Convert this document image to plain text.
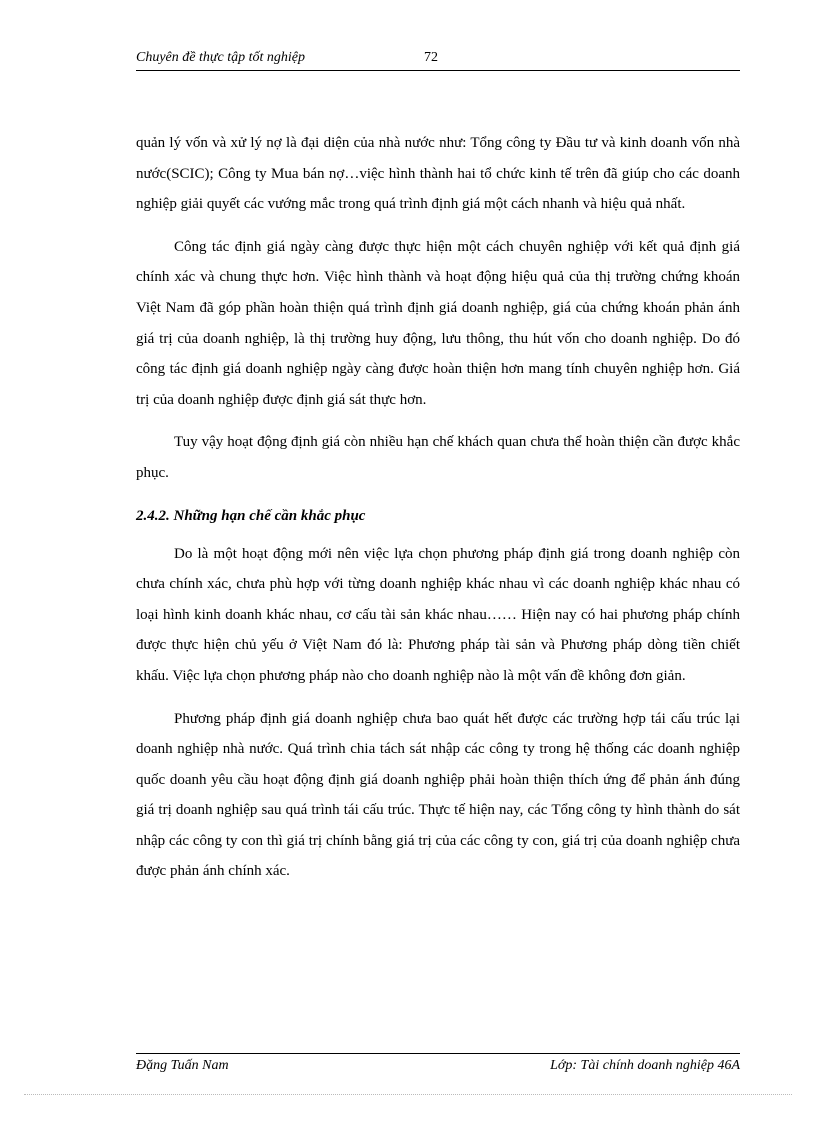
Chuyên đề thực tập tốt nghiệp	72

quản lý vốn và xử lý nợ là đại diện của nhà nước như: Tổng công ty Đầu tư và kinh doanh vốn nhà nước(SCIC); Công ty Mua bán nợ…việc hình thành hai tổ chức kinh tế trên đã giúp cho các doanh nghiệp giải quyết các vướng mắc trong quá trình định giá một cách nhanh và hiệu quả nhất.

Công tác định giá ngày càng được thực hiện một cách chuyên nghiệp với kết quả định giá chính xác và chung thực hơn. Việc hình thành và hoạt động hiệu quả của thị trường chứng khoán Việt Nam đã góp phần hoàn thiện quá trình định giá doanh nghiệp, giá của chứng khoán phản ánh giá trị của doanh nghiệp, là thị trường huy động, lưu thông, thu hút vốn cho doanh nghiệp. Do đó công tác định giá doanh nghiệp ngày càng được hoàn thiện hơn mang tính chuyên nghiệp hơn. Giá trị của doanh nghiệp được định giá sát thực hơn.

Tuy vậy hoạt động định giá còn nhiều hạn chế khách quan chưa thể hoàn thiện cần được khắc phục.

2.4.2. Những hạn chế cần khắc phục

Do là một hoạt động mới nên việc lựa chọn phương pháp định giá trong doanh nghiệp còn chưa chính xác, chưa phù hợp với từng doanh nghiệp khác nhau vì các doanh nghiệp khác nhau có loại hình kinh doanh khác nhau, cơ cấu tài sản khác nhau…… Hiện nay có hai phương pháp chính được thực hiện chủ yếu ở Việt Nam đó là: Phương pháp tài sản và Phương pháp dòng tiền chiết khấu. Việc lựa chọn phương pháp nào cho doanh nghiệp nào là một vấn đề không đơn giản.

Phương pháp định giá doanh nghiệp chưa bao quát hết được các trường hợp tái cấu trúc lại doanh nghiệp nhà nước. Quá trình chia tách sát nhập các công ty trong hệ thống các doanh nghiệp quốc doanh yêu cầu hoạt động định giá doanh nghiệp phải hoàn thiện thích ứng để phản ánh đúng giá trị doanh nghiệp sau quá trình tái cấu trúc. Thực tế hiện nay, các Tổng công ty hình thành do sát nhập các công ty con thì giá trị chính bằng giá trị của các công ty con, giá trị của doanh nghiệp chưa được phản ánh chính xác.

Đặng Tuấn Nam	Lớp: Tài chính doanh nghiệp 46A
